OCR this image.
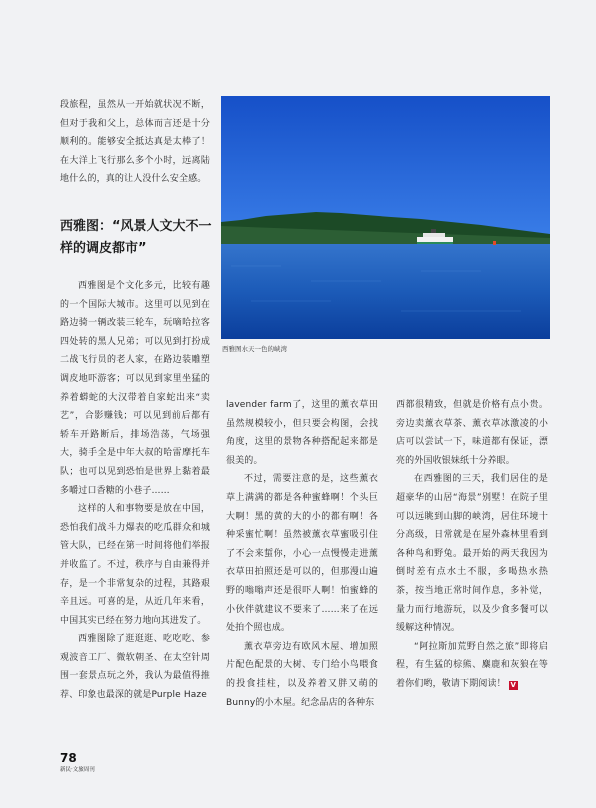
段旅程，虽然从一开始就状况不断，但对于我和父上，总体而言还是十分顺利的。能够安全抵达真是太棒了！在大洋上飞行那么多个小时，远离陆地什么的，真的让人没什么安全感。

西雅图：“风景人文大不一样的调皮都市”

西雅图是个文化多元，比较有趣的一个国际大城市。这里可以见到在路边骑一辆改装三轮车，玩嘀哈拉客四处转的黑人兄弟；可以见到打扮成二战飞行员的老人家，在路边装雕塑调皮地吓游客；可以见到家里坐猛的养着蟒蛇的大汉带着自家蛇出来“卖艺”，合影赚钱；可以见到前后都有轿车开路断后，排场浩荡，气场强大，骑手全是中年大叔的哈雷摩托车队；也可以见到恐怕是世界上黏着最多嚼过口香糖的小巷子……

这样的人和事物要是放在中国，恐怕我们战斗力爆表的吃瓜群众和城管大队，已经在第一时间将他们举报并收监了。不过，秩序与自由兼得并存，是一个非常复杂的过程，其路艰辛且远。可喜的是，从近几年来看，中国其实已经在努力地向其进发了。

西雅图除了逛逛逛、吃吃吃、参观波音工厂、微软朝圣、在太空针周围一套景点玩之外，我认为最值得推荐、印象也最深的就是Purple Haze

西雅图水天一色的峡湾

lavender farm了，这里的薰衣草田虽然规模较小，但只要会构图，会找角度，这里的景物各种搭配起来都是很美的。

不过，需要注意的是，这些薰衣草上满满的都是各种蜜蜂啊！个头巨大啊！黑的黄的大的小的都有啊！各种采蜜忙啊！虽然被薰衣草蜜吸引住了不会来蜇你，小心一点慢慢走进薰衣草田拍照还是可以的，但那漫山遍野的嗡嗡声还是很吓人啊！怕蜜蜂的小伙伴就建议不要来了……来了在远处拍个照也成。

薰衣草旁边有欧风木屋、增加照片配色配景的大树、专门给小鸟喂食的投食挂柱，以及养着又胖又萌的Bunny的小木屋。纪念品店的各种东

西都很精致，但就是价格有点小贵。旁边卖薰衣草茶、薰衣草冰激凌的小店可以尝试一下，味道都有保证，漂亮的外国收银妹纸十分养眼。

在西雅图的三天，我们居住的是超豪华的山居“海景”别墅！在院子里可以远眺到山脚的峡湾，居住环境十分高级，日常就是在屋外森林里看到各种鸟和野兔。最开始的两天我因为倒时差有点水土不服，多喝热水热茶，按当地正常时间作息，多补觉，量力而行地游玩，以及少食多餐可以缓解这种情况。

“阿拉斯加荒野自然之旅”即将启程，有生猛的棕熊、麋鹿和灰狼在等着你们哟，敬请下期阅读！ V

78
新民·文旅周刊
